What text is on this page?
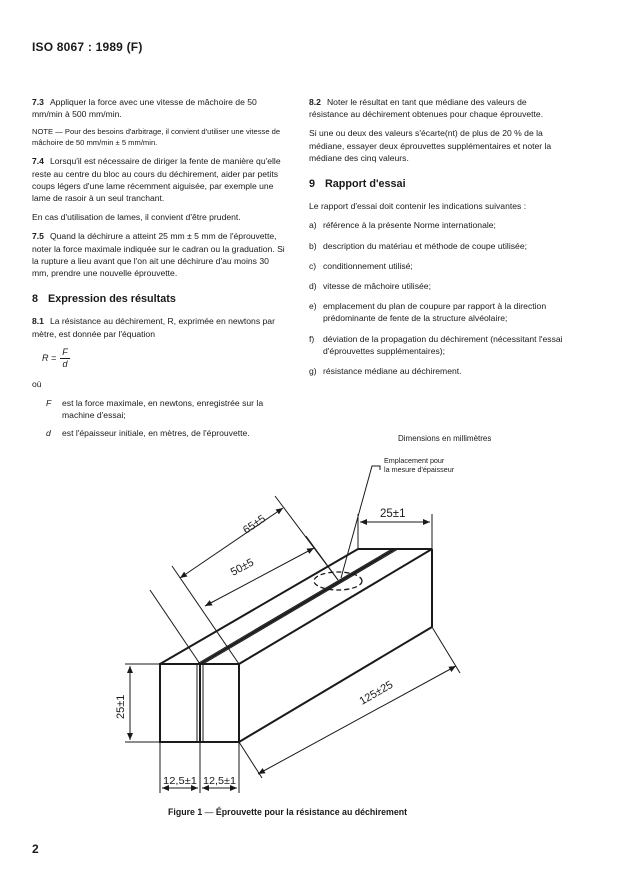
ISO 8067 : 1989 (F)

7.3 Appliquer la force avec une vitesse de mâchoire de 50 mm/min à 500 mm/min.

NOTE — Pour des besoins d'arbitrage, il convient d'utiliser une vitesse de mâchoire de 50 mm/min ± 5 mm/min.

7.4 Lorsqu'il est nécessaire de diriger la fente de manière qu'elle reste au centre du bloc au cours du déchirement, aider par petits coups légers d'une lame récemment aiguisée, par exemple une lame de rasoir à un seul tranchant.

En cas d'utilisation de lames, il convient d'être prudent.

7.5 Quand la déchirure a atteint 25 mm ± 5 mm de l'éprouvette, noter la force maximale indiquée sur le cadran ou la graduation. Si la rupture a lieu avant que l'on ait une déchirure d'au moins 30 mm, prendre une nouvelle éprouvette.

8 Expression des résultats

8.1 La résistance au déchirement, R, exprimée en newtons par mètre, est donnée par l'équation

$R = \frac{F}{d}$

où

F	est la force maximale, en newtons, enregistrée sur la machine d'essai;
d	est l'épaisseur initiale, en mètres, de l'éprouvette.

8.2 Noter le résultat en tant que médiane des valeurs de résistance au déchirement obtenues pour chaque éprouvette.

Si une ou deux des valeurs s'écarte(nt) de plus de 20 % de la médiane, essayer deux éprouvettes supplémentaires et noter la médiane des cinq valeurs.

9 Rapport d'essai

Le rapport d'essai doit contenir les indications suivantes :

a) référence à la présente Norme internationale;
b) description du matériau et méthode de coupe utilisée;
c) conditionnement utilisé;
d) vitesse de mâchoire utilisée;
e) emplacement du plan de coupure par rapport à la direction prédominante de fente de la structure alvéolaire;
f)	déviation de la propagation du déchirement (nécessitant l'essai d'éprouvettes supplémentaires);
g) résistance médiane au déchirement.
Dimensions en millimètres
Emplacement pour
la mesure d'épaisseur
65±5
50±5
25±1
125±25
25±1
12,5±1 12,5±1
Figure 1 — Éprouvette pour la résistance au déchirement
2
